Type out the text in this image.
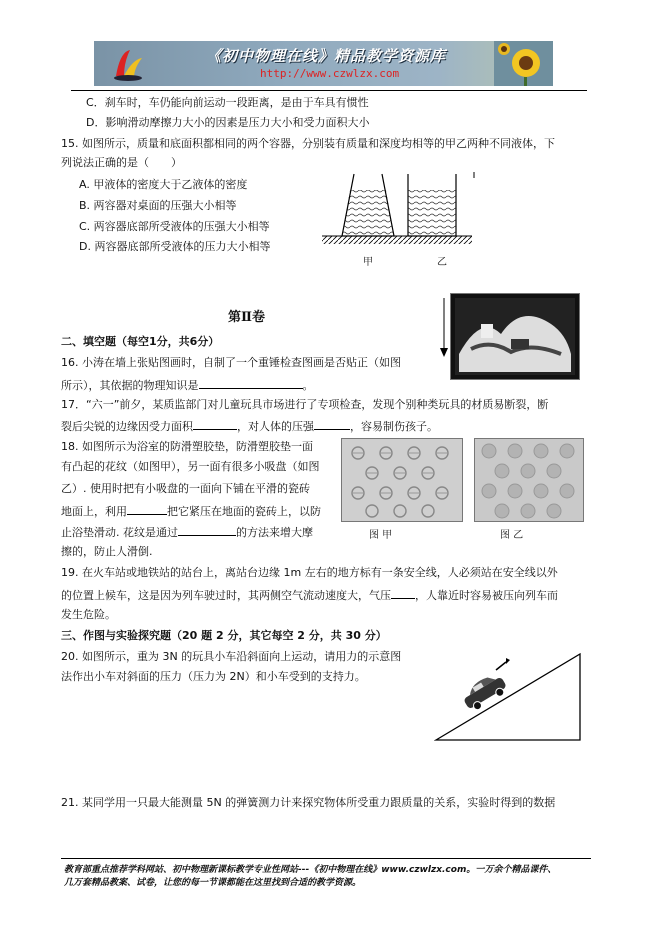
《初中物理在线》精品教学资源库
http://www.czwlzx.com
C．刹车时，车仍能向前运动一段距离，是由于车具有惯性
D．影响滑动摩擦力大小的因素是压力大小和受力面积大小
15. 如图所示，质量和底面积都相同的两个容器，分别装有质量和深度均相等的甲乙两种不同液体，下
列说法正确的是（　　）
A. 甲液体的密度大于乙液体的密度
B. 两容器对桌面的压强大小相等
C. 两容器底部所受液体的压强大小相等
D. 两容器底部所受液体的压力大小相等
甲	乙
第Ⅱ卷
二、填空题（每空1分，共6分）
16. 小涛在墙上张贴图画时，自制了一个重锤检查图画是否贴正（如图
所示），其依据的物理知识是	。
17．“六一”前夕，某质监部门对儿童玩具市场进行了专项检查，发现个别种类玩具的材质易断裂，断
裂后尖锐的边缘因受力面积	，对人体的压强	，容易制伤孩子。
18. 如图所示为浴室的防滑塑胶垫，防滑塑胶垫一面
有凸起的花纹（如图甲），另一面有很多小吸盘（如图
乙）. 使用时把有小吸盘的一面向下铺在平滑的瓷砖
地面上，利用	把它紧压在地面的瓷砖上，以防
止浴垫滑动. 花纹是通过	的方法来增大摩
擦的，防止人滑倒.
图 甲	图 乙
19. 在火车站或地铁站的站台上，离站台边缘 1m 左右的地方标有一条安全线，人必须站在安全线以外
的位置上候车，这是因为列车驶过时，其两侧空气流动速度大，气压 ，人靠近时容易被压向列车而
发生危险。
三、作图与实验探究题（20 题 2 分，其它每空 2 分，共 30 分）
20. 如图所示，重为 3N 的玩具小车沿斜面向上运动，请用力的示意图
法作出小车对斜面的压力（压力为 2N）和小车受到的支持力。
21. 某同学用一只最大能测量 5N 的弹簧测力计来探究物体所受重力跟质量的关系，实验时得到的数据
教育部重点推荐学科网站、初中物理新课标教学专业性网站---《初中物理在线》www.czwlzx.com。一万余个精品课件、
几万套精品教案、试卷，让您的每一节课都能在这里找到合适的教学资源。
